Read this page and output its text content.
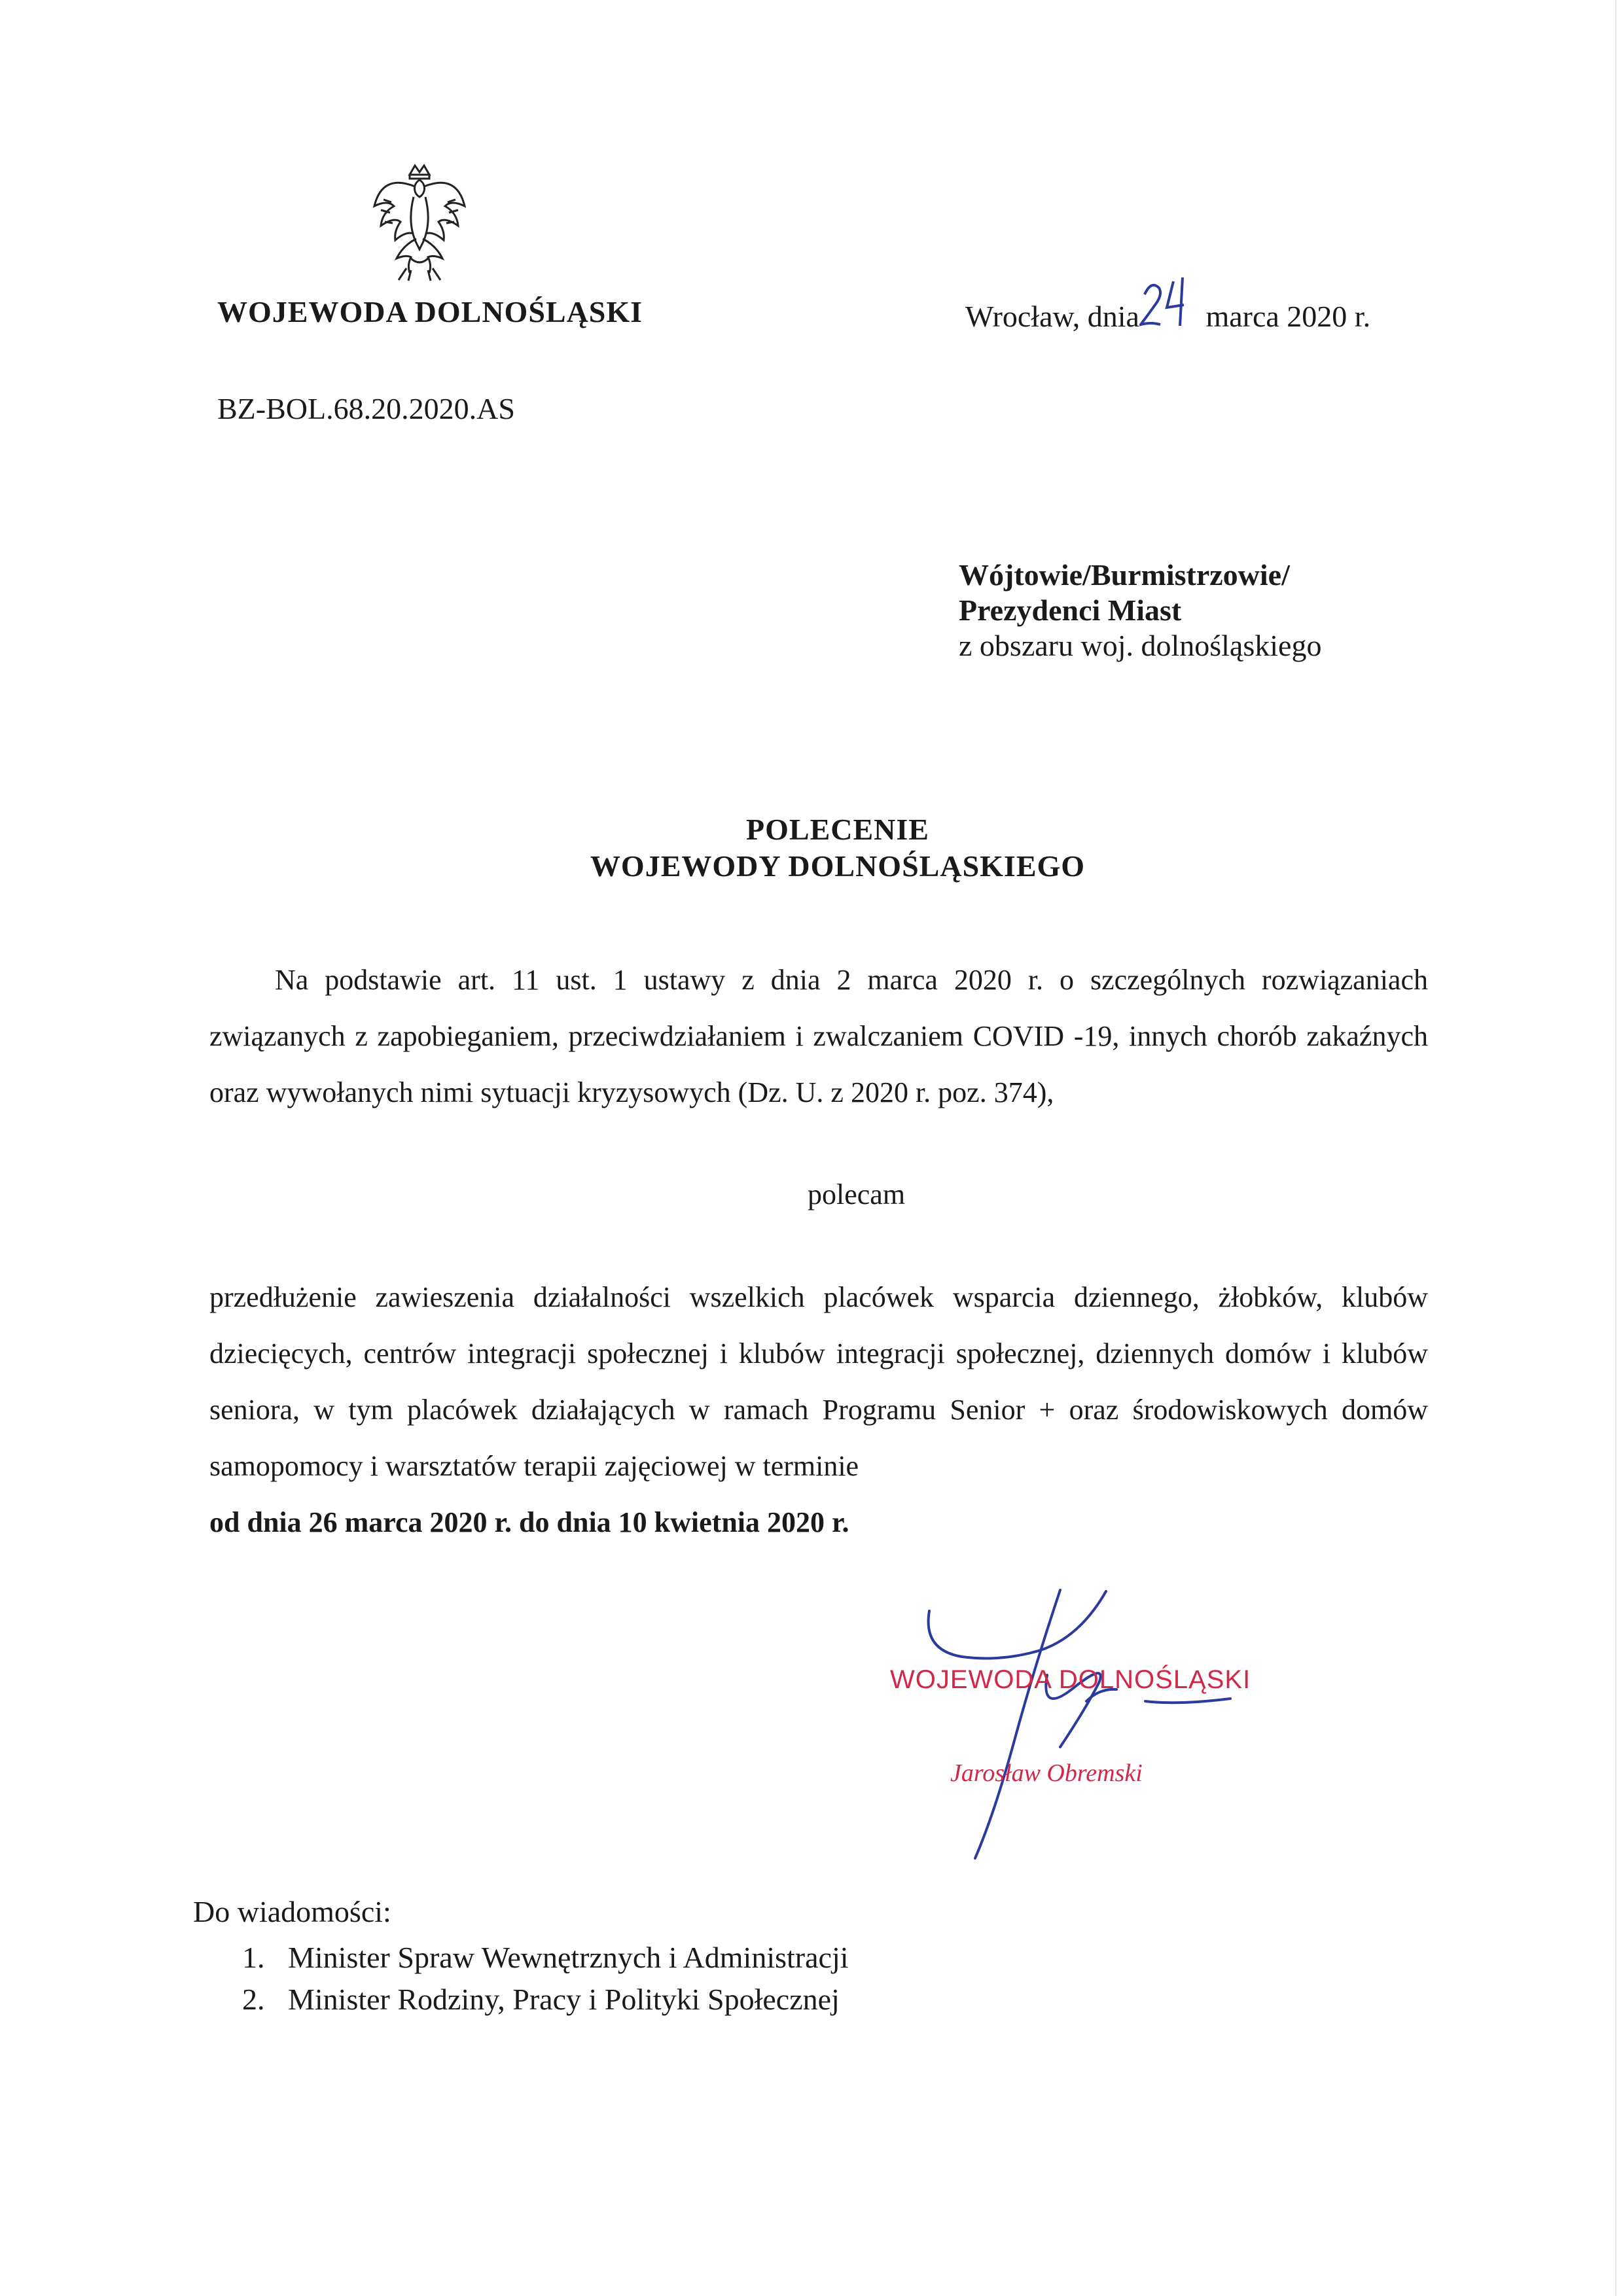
WOJEWODA DOLNOŚLĄSKI	Wrocław, dnia marca 2020 r.
BZ-BOL.68.20.2020.AS
Wójtowie/Burmistrzowie/
Prezydenci Miast
z obszaru woj. dolnośląskiego
POLECENIE
WOJEWODY DOLNOŚLĄSKIEGO
Na podstawie art. 11 ust. 1 ustawy z dnia 2 marca 2020 r. o szczególnych rozwiązaniach związanych z zapobieganiem, przeciwdziałaniem i zwalczaniem COVID -19, innych chorób zakaźnych oraz wywołanych nimi sytuacji kryzysowych (Dz. U. z 2020 r. poz. 374),
polecam
przedłużenie zawieszenia działalności wszelkich placówek wsparcia dziennego, żłobków, klubów dziecięcych, centrów integracji społecznej i klubów integracji społecznej, dziennych domów i klubów seniora, w tym placówek działających w ramach Programu Senior + oraz środowiskowych domów samopomocy i warsztatów terapii zajęciowej w terminie
od dnia 26 marca 2020 r. do dnia 10 kwietnia 2020 r.
WOJEWODA DOLNOŚLĄSKI
Jarosław Obremski
Do wiadomości:
1. Minister Spraw Wewnętrznych i Administracji
2. Minister Rodziny, Pracy i Polityki Społecznej
